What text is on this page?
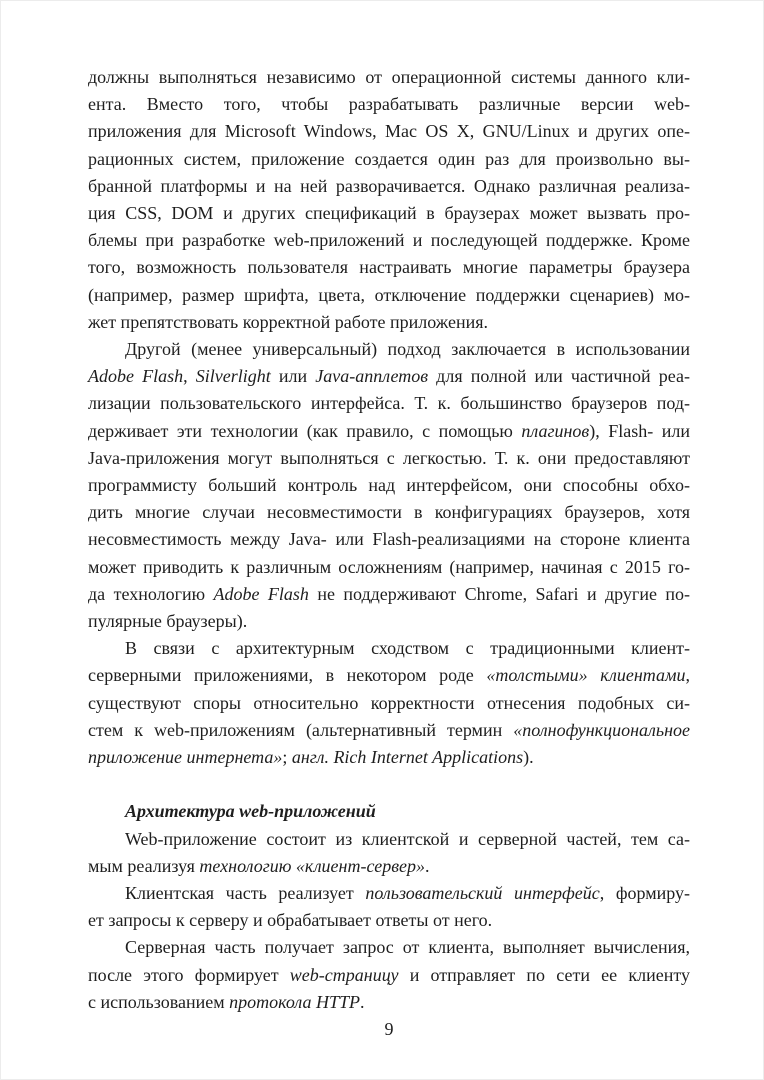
должны выполняться независимо от операционной системы данного кли-
ента. Вместо того, чтобы разрабатывать различные версии web-
приложения для Microsoft Windows, Mac OS X, GNU/Linux и других опе-
рационных систем, приложение создается один раз для произвольно вы-
бранной платформы и на ней разворачивается. Однако различная реализа-
ция CSS, DOM и других спецификаций в браузерах может вызвать про-
блемы при разработке web-приложений и последующей поддержке. Кроме
того, возможность пользователя настраивать многие параметры браузера
(например, размер шрифта, цвета, отключение поддержки сценариев) мо-
жет препятствовать корректной работе приложения.
Другой (менее универсальный) подход заключается в использовании
Adobe Flash, Silverlight или Java-апплетов для полной или частичной реа-
лизации пользовательского интерфейса. Т. к. большинство браузеров под-
держивает эти технологии (как правило, с помощью плагинов), Flash- или
Java-приложения могут выполняться с легкостью. Т. к. они предоставляют
программисту больший контроль над интерфейсом, они способны обхо-
дить многие случаи несовместимости в конфигурациях браузеров, хотя
несовместимость между Java- или Flash-реализациями на стороне клиента
может приводить к различным осложнениям (например, начиная с 2015 го-
да технологию Adobe Flash не поддерживают Chrome, Safari и другие по-
пулярные браузеры).
В связи с архитектурным сходством с традиционными клиент-
серверными приложениями, в некотором роде «толстыми» клиентами,
существуют споры относительно корректности отнесения подобных си-
стем к web-приложениям (альтернативный термин «полнофункциональное
приложение интернета»; англ. Rich Internet Applications).
Архитектура web-приложений
Web-приложение состоит из клиентской и серверной частей, тем са-
мым реализуя технологию «клиент-сервер».
Клиентская часть реализует пользовательский интерфейс, формиру-
ет запросы к серверу и обрабатывает ответы от него.
Серверная часть получает запрос от клиента, выполняет вычисления,
после этого формирует web-страницу и отправляет по сети ее клиенту
с использованием протокола HTTP.
9
